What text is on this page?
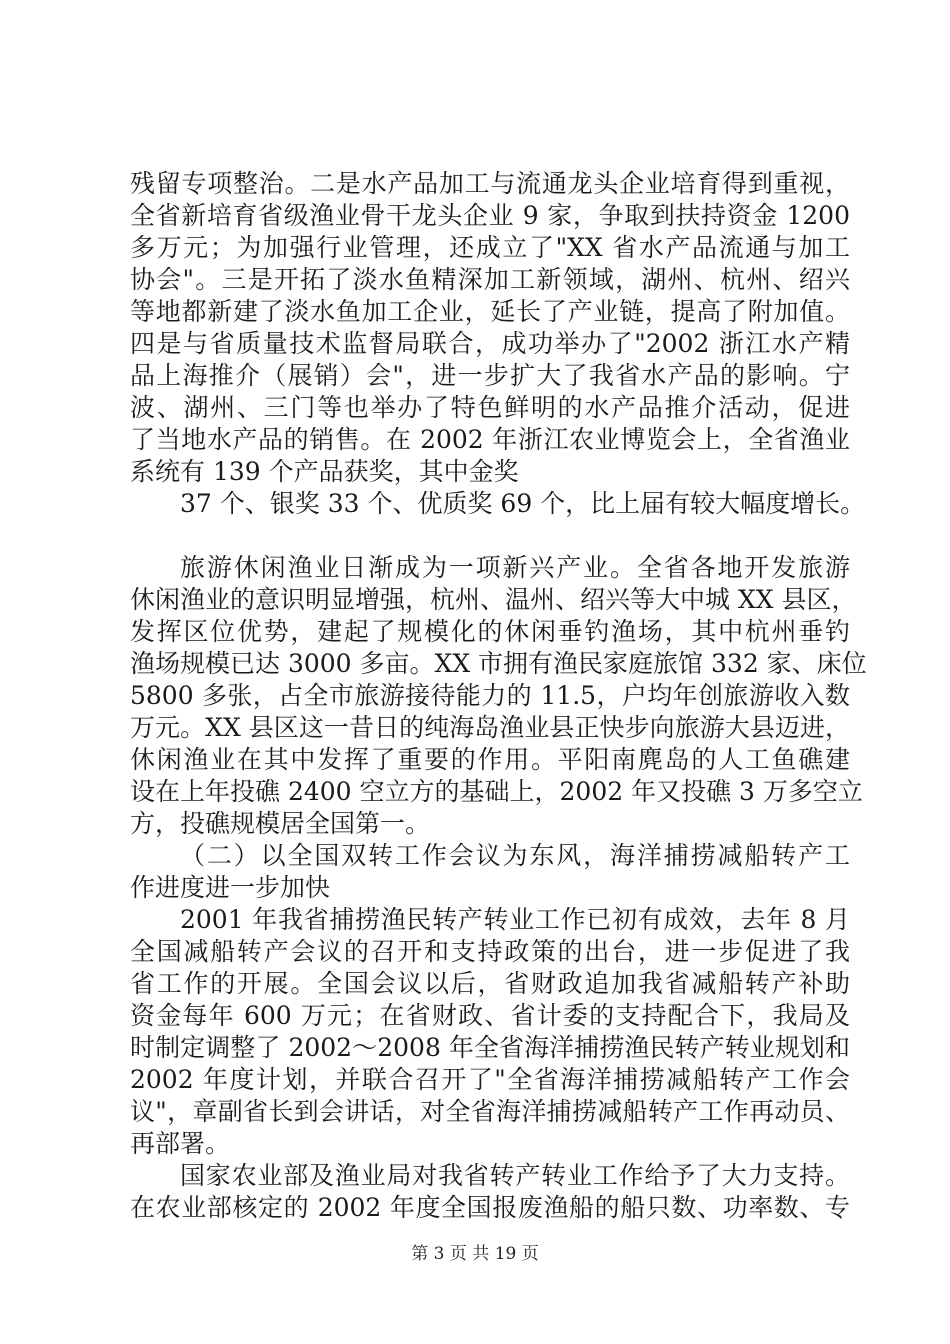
残留专项整治。二是水产品加工与流通龙头企业培育得到重视，
全省新培育省级渔业骨干龙头企业 9 家，争取到扶持资金 1200
多万元；为加强行业管理，还成立了"XX 省水产品流通与加工
协会"。三是开拓了淡水鱼精深加工新领域，湖州、杭州、绍兴
等地都新建了淡水鱼加工企业，延长了产业链，提高了附加值。
四是与省质量技术监督局联合，成功举办了"2002 浙江水产精
品上海推介（展销）会"，进一步扩大了我省水产品的影响。宁
波、湖州、三门等也举办了特色鲜明的水产品推介活动，促进
了当地水产品的销售。在 2002 年浙江农业博览会上，全省渔业
系统有 139 个产品获奖，其中金奖
37 个、银奖 33 个、优质奖 69 个，比上届有较大幅度增长。
旅游休闲渔业日渐成为一项新兴产业。全省各地开发旅游
休闲渔业的意识明显增强，杭州、温州、绍兴等大中城 XX 县区，
发挥区位优势，建起了规模化的休闲垂钓渔场，其中杭州垂钓
渔场规模已达 3000 多亩。XX 市拥有渔民家庭旅馆 332 家、床位
5800 多张，占全市旅游接待能力的 11.5，户均年创旅游收入数
万元。XX 县区这一昔日的纯海岛渔业县正快步向旅游大县迈进，
休闲渔业在其中发挥了重要的作用。平阳南麂岛的人工鱼礁建
设在上年投礁 2400 空立方的基础上，2002 年又投礁 3 万多空立
方，投礁规模居全国第一。
（二）以全国双转工作会议为东风，海洋捕捞减船转产工
作进度进一步加快
2001 年我省捕捞渔民转产转业工作已初有成效，去年 8 月
全国减船转产会议的召开和支持政策的出台，进一步促进了我
省工作的开展。全国会议以后，省财政追加我省减船转产补助
资金每年 600 万元；在省财政、省计委的支持配合下，我局及
时制定调整了 2002～2008 年全省海洋捕捞渔民转产转业规划和
2002 年度计划，并联合召开了"全省海洋捕捞减船转产工作会
议"，章副省长到会讲话，对全省海洋捕捞减船转产工作再动员、
再部署。
国家农业部及渔业局对我省转产转业工作给予了大力支持。
在农业部核定的 2002 年度全国报废渔船的船只数、功率数、专
第 3 页 共 19 页
